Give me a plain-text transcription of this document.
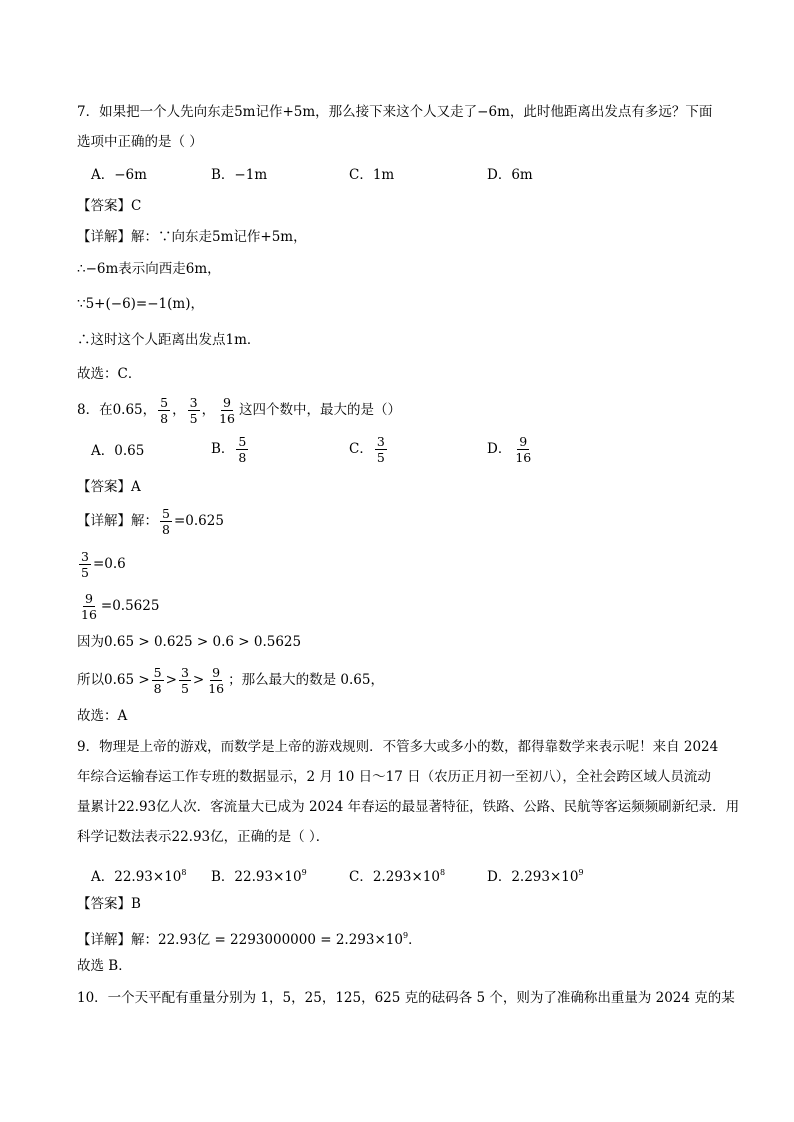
7．如果把一个人先向东走5m记作+5m，那么接下来这个人又走了−6m，此时他距离出发点有多远？下面
选项中正确的是（ ）
A．−6m	B．−1m	C．1m	D．6m
【答案】C
【详解】解：∵向东走5m记作+5m，
∴−6m表示向西走6m，
∵5+(−6)=−1(m)，
∴这时这个人距离出发点1m．
故选：C．
8．在0.65， $\frac{5}{8}$ ， $\frac{3}{5}$ ， $\frac{9}{16}$ 这四个数中，最大的是（）
A．0.65	B． $\frac{5}{8}$	C． $\frac{3}{5}$	D． $\frac{9}{16}$
【答案】A
【详解】解： $\frac{5}{8} =0.625$
$\frac{3}{5} =0.6$
$\frac{9}{16} =0.5625$
因为0.65 > 0.625 > 0.6 > 0.5625
所以$0.65 > \frac{5}{8} > \frac{3}{5} > \frac{9}{16}$ ；那么最大的数是 0.65，
故选：A
9．物理是上帝的游戏，而数学是上帝的游戏规则．不管多大或多小的数，都得靠数学来表示呢！来自 2024
年综合运输春运工作专班的数据显示，2 月 10 日～17 日（农历正月初一至初八），全社会跨区域人员流动
量累计22.93亿人次．客流量大已成为 2024 年春运的最显著特征，铁路、公路、民航等客运频频刷新纪录．用
科学记数法表示22.93亿，正确的是（ ）．
A．$22.93\times 10^8$ B．$22.93\times 10^9$	C．$2.293\times 10^8$	D．$2.293\times 10^9$
【答案】B
【详解】解：22.93亿 = $2293000000 = 2.293\times 10^9$．
故选 B．
10．一个天平配有重量分别为 1，5，25，125，625 克的砝码各 5 个，则为了准确称出重量为 2024 克的某
